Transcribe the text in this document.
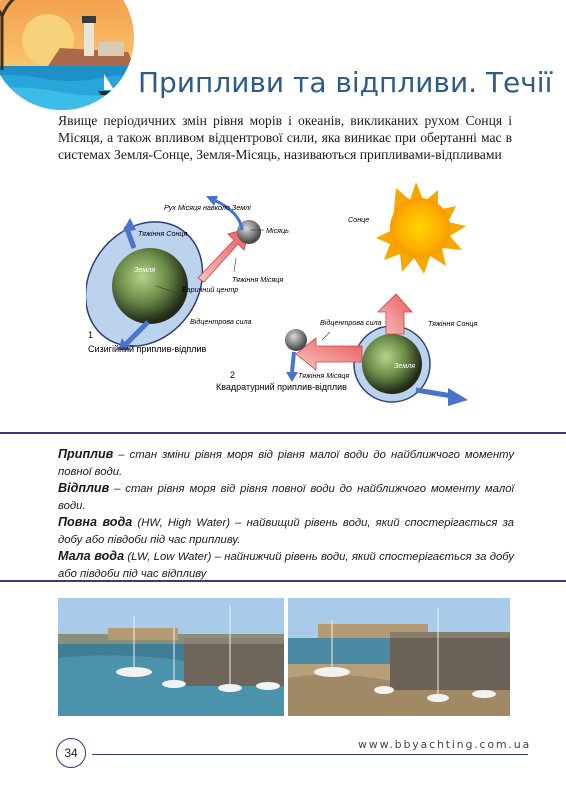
Припливи та відпливи. Течії
Явище періодичних змін рівня морів і океанів, викликаних рухом Сонця і Місяця, а також впливом відцентрової сили, яка виникає при обертанні мас в системах Земля-Сонце, Земля-Місяць, називаються припливами-відпливами
Рух Місяця навколо Землі
Місяць
Тяжіння Сонця
Земля
Баричний центр
Тяжіння Місяця
Відцентрова сила
1
Сизигійний приплив-відплив
Сонце
Відцентрова сила	Тяжіння Сонця
Тяжіння Місяця
Земля
2
Квадратурний приплив-відплив

Приплив – стан зміни рівня моря від рівня малої води до найближчого моменту повної води.

Відплив – стан рівня моря від рівня повної води до найближчого моменту малої води.

Повна вода (HW, High Water) – найвищий рівень води, який спостерігається за добу або півдоби під час припливу.

Мала вода (LW, Low Water) – найнижчий рівень води, який спостерігається за добу або півдоби під час відпливу

34
www.bbyachting.com.ua
